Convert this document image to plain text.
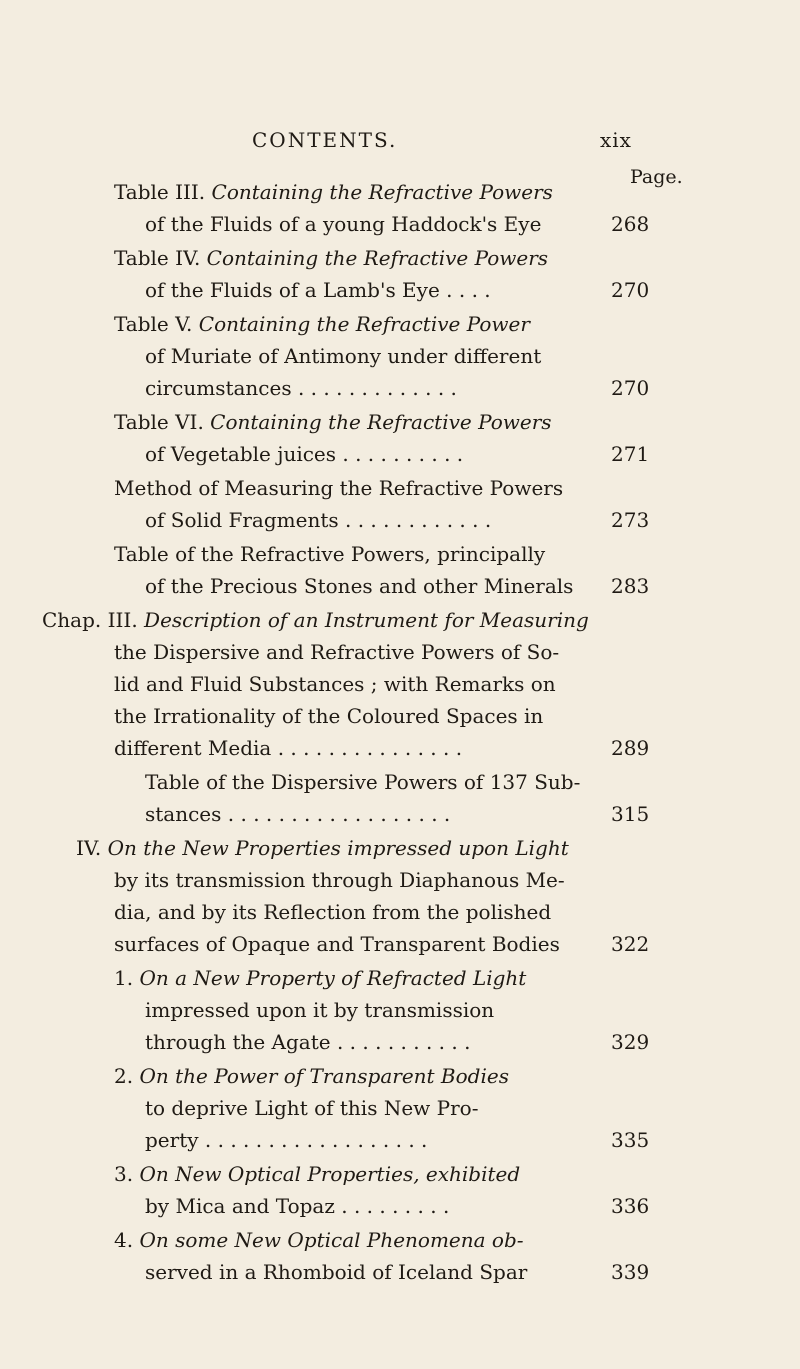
CONTENTS.	xix
Page.
Table III. Containing the Refractive Powers
of the Fluids of a young Haddock's Eye	268
Table IV. Containing the Refractive Powers
of the Fluids of a Lamb's Eye . . . .	270
Table V. Containing the Refractive Power
of Muriate of Antimony under different
circumstances . . . . . . . . . . . . .	270
Table VI. Containing the Refractive Powers
of Vegetable juices . . . . . . . . . .	271
Method of Measuring the Refractive Powers
of Solid Fragments . . . . . . . . . . . .	273
Table of the Refractive Powers, principally
of the Precious Stones and other Minerals 283
Chap. III. Description of an Instrument for Measuring
the Dispersive and Refractive Powers of So-
lid and Fluid Substances ; with Remarks on
the Irrationality of the Coloured Spaces in
different Media . . . . . . . . . . . . . . .	289
Table of the Dispersive Powers of 137 Sub-
stances . . . . . . . . . . . . . . . . . .	315
IV. On the New Properties impressed upon Light
by its transmission through Diaphanous Me-
dia, and by its Reflection from the polished
surfaces of Opaque and Transparent Bodies	322
1. On a New Property of Refracted Light
impressed upon it by transmission
through the Agate . . . . . . . . . . .	329
2. On the Power of Transparent Bodies
to deprive Light of this New Pro-
perty . . . . . . . . . . . . . . . . . .	335
3. On New Optical Properties, exhibited
by Mica and Topaz . . . . . . . . .	336
4. On some New Optical Phenomena ob-
served in a Rhomboid of Iceland Spar	339
